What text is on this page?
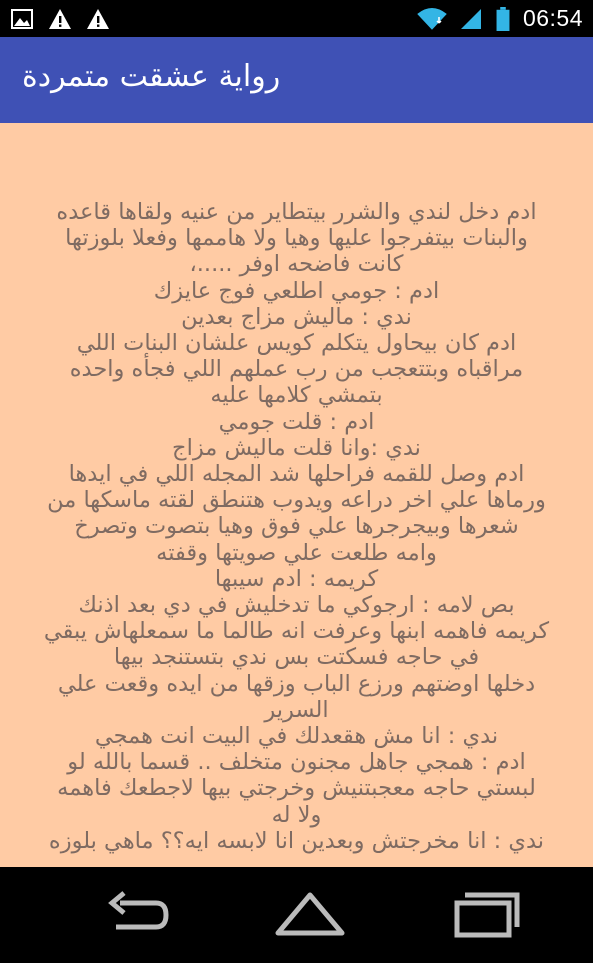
06:54
رواية عشقت متمردة
ادم دخل لندي والشرر بيتطاير من عنيه ولقاها قاعده
والبنات بيتفرجوا عليها وهيا ولا هاممها وفعلا بلوزتها
كانت فاضحه اوفر .....،
ادم : جومي اطلعي فوج عايزك
ندي : ماليش مزاج بعدين
ادم كان بيحاول يتكلم كويس علشان البنات اللي
مراقباه وبتتعجب من رب عملهم اللي فجأه واحده
بتمشي كلامها عليه
ادم : قلت جومي
ندي :وانا قلت ماليش مزاج
ادم وصل للقمه فراحلها شد المجله اللي في ايدها
ورماها علي اخر دراعه ويدوب هتنطق لقته ماسكها من
شعرها وبيجرجرها علي فوق وهيا بتصوت وتصرخ
وامه طلعت علي صويتها وقفته
كريمه : ادم سيبها
بص لامه : ارجوكي ما تدخليش في دي بعد اذنك
كريمه فاهمه ابنها وعرفت انه طالما ما سمعلهاش يبقي
في حاجه فسكتت بس ندي بتستنجد بيها
دخلها اوضتهم ورزع الباب وزقها من ايده وقعت علي
السرير
ندي : انا مش هقعدلك في البيت انت همجي
ادم : همجي جاهل مجنون متخلف .. قسما بالله لو
لبستي حاجه معجبتنيش وخرجتي بيها لاجطعك فاهمه
ولا له
ندي : انا مخرجتش وبعدين انا لابسه ايه؟؟ ماهي بلوزه
